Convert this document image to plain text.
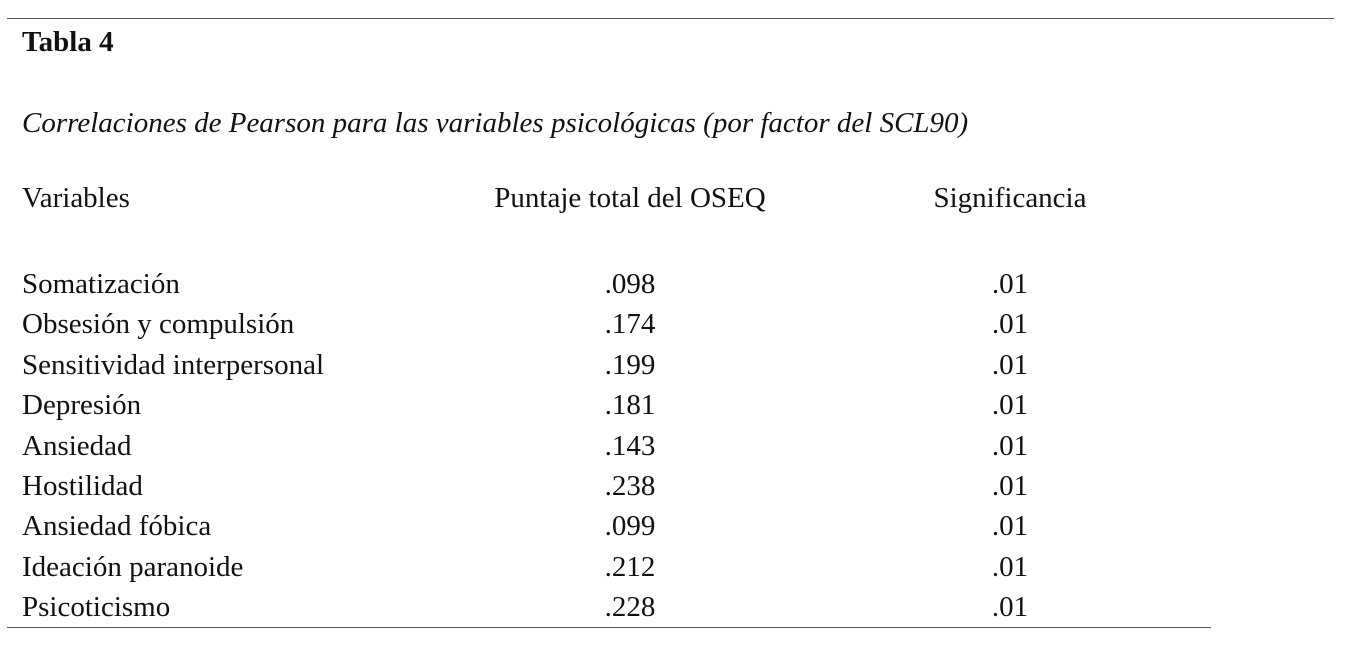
Tabla 4
Correlaciones de Pearson para las variables psicológicas (por factor del SCL90)
Variables	Puntaje total del OSEQ	Significancia
Somatización	.098	.01
Obsesión y compulsión	.174	.01
Sensitividad interpersonal	.199	.01
Depresión	.181	.01
Ansiedad	.143	.01
Hostilidad	.238	.01
Ansiedad fóbica	.099	.01
Ideación paranoide	.212	.01
Psicoticismo	.228	.01
